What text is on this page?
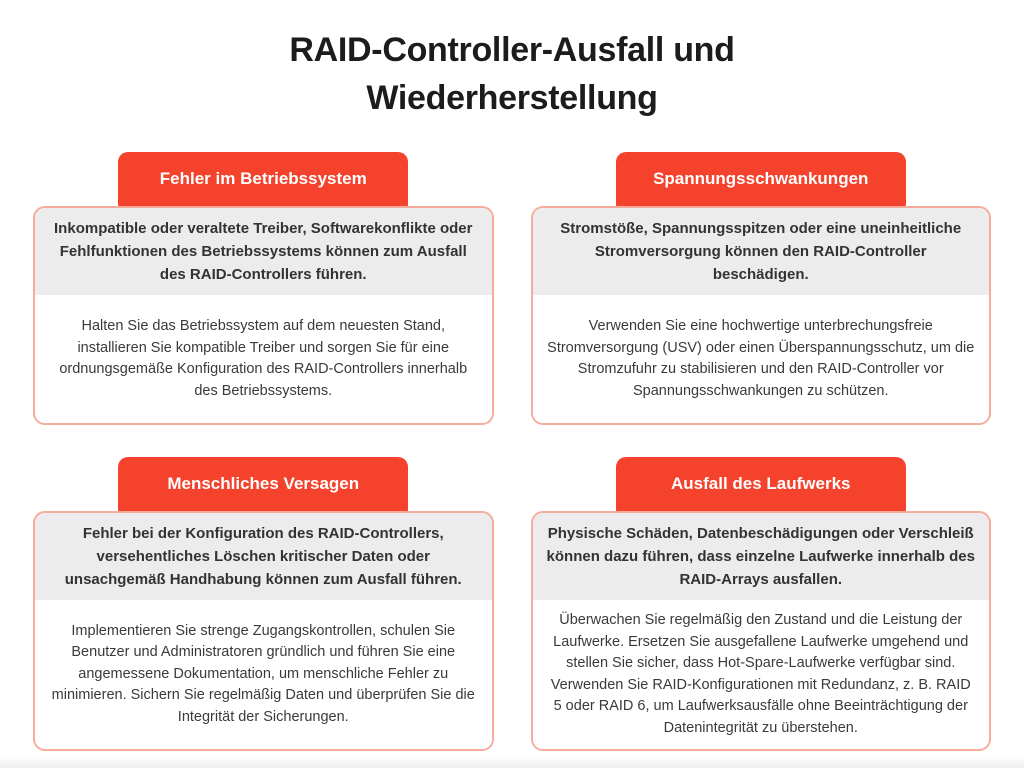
RAID-Controller-Ausfall und Wiederherstellung
Fehler im Betriebssystem
Inkompatible oder veraltete Treiber, Softwarekonflikte oder Fehlfunktionen des Betriebssystems können zum Ausfall des RAID-Controllers führen.
Halten Sie das Betriebssystem auf dem neuesten Stand, installieren Sie kompatible Treiber und sorgen Sie für eine ordnungsgemäße Konfiguration des RAID-Controllers innerhalb des Betriebssystems.
Spannungsschwankungen
Stromstöße, Spannungsspitzen oder eine uneinheitliche Stromversorgung können den RAID-Controller beschädigen.
Verwenden Sie eine hochwertige unterbrechungsfreie Stromversorgung (USV) oder einen Überspannungsschutz, um die Stromzufuhr zu stabilisieren und den RAID-Controller vor Spannungsschwankungen zu schützen.
Menschliches Versagen
Fehler bei der Konfiguration des RAID-Controllers, versehentliches Löschen kritischer Daten oder unsachgemäß Handhabung können zum Ausfall führen.
Implementieren Sie strenge Zugangskontrollen, schulen Sie Benutzer und Administratoren gründlich und führen Sie eine angemessene Dokumentation, um menschliche Fehler zu minimieren. Sichern Sie regelmäßig Daten und überprüfen Sie die Integrität der Sicherungen.
Ausfall des Laufwerks
Physische Schäden, Datenbeschädigungen oder Verschleiß können dazu führen, dass einzelne Laufwerke innerhalb des RAID-Arrays ausfallen.
Überwachen Sie regelmäßig den Zustand und die Leistung der Laufwerke. Ersetzen Sie ausgefallene Laufwerke umgehend und stellen Sie sicher, dass Hot-Spare-Laufwerke verfügbar sind. Verwenden Sie RAID-Konfigurationen mit Redundanz, z. B. RAID 5 oder RAID 6, um Laufwerksausfälle ohne Beeinträchtigung der Datenintegrität zu überstehen.
